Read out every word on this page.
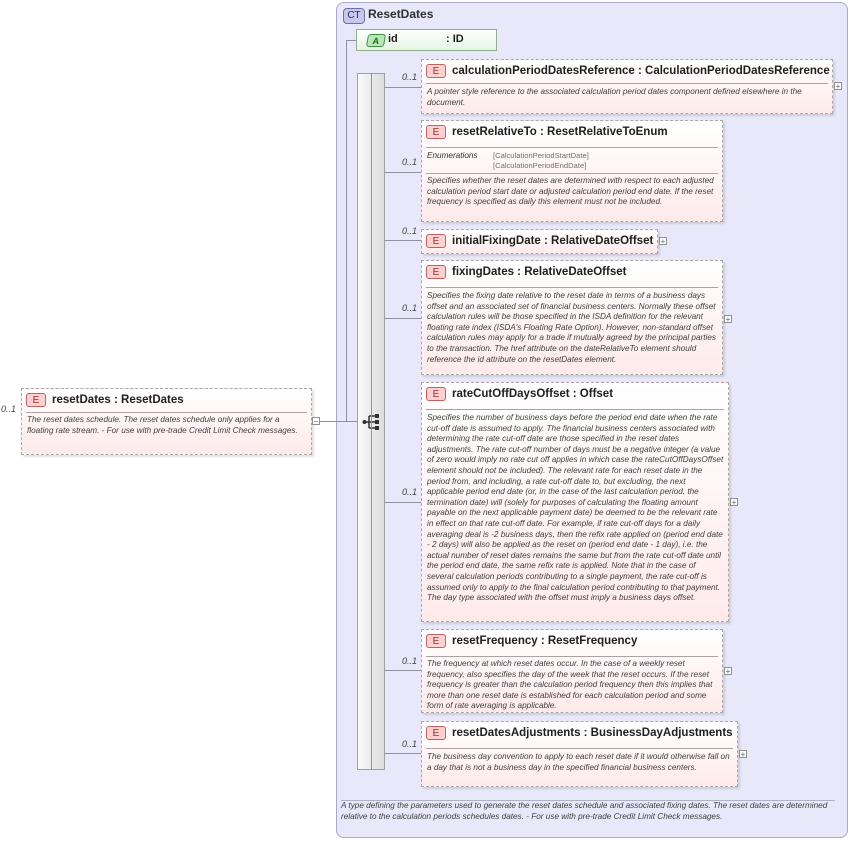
CT ResetDates
A id	: ID
0..1
E	resetDates : ResetDates
The reset dates schedule. The reset dates schedule only applies for a floating rate stream. - For use with pre-trade Credit Limit Check messages.
−
0..1
0..1
0..1
0..1
0..1
0..1
0..1
E	calculationPeriodDatesReference : CalculationPeriodDatesReference
A pointer style reference to the associated calculation period dates component defined elsewhere in the document.
+
E	resetRelativeTo : ResetRelativeToEnum
Enumerations [CalculationPeriodStartDate]
[CalculationPeriodEndDate]
Specifies whether the reset dates are determined with respect to each adjusted calculation period start date or adjusted calculation period end date. If the reset frequency is specified as daily this element must not be included.
E	initialFixingDate : RelativeDateOffset +
E	fixingDates : RelativeDateOffset
Specifies the fixing date relative to the reset date in terms of a business days offset and an associated set of financial business centers. Normally these offset calculation rules will be those specified in the ISDA definition for the relevant floating rate index (ISDA's Floating Rate Option). However, non-standard offset calculation rules may apply for a trade if mutually agreed by the principal parties to the transaction. The href attribute on the dateRelativeTo element should reference the id attribute on the resetDates element.
+
E	rateCutOffDaysOffset : Offset
Specifies the number of business days before the period end date when the rate cut-off date is assumed to apply. The financial business centers associated with determining the rate cut-off date are those specified in the reset dates adjustments. The rate cut-off number of days must be a negative integer (a value of zero would imply no rate cut off applies in which case the rateCutOffDaysOffset element should not be included). The relevant rate for each reset date in the period from, and including, a rate cut-off date to, but excluding, the next applicable period end date (or, in the case of the last calculation period, the termination date) will (solely for purposes of calculating the floating amount payable on the next applicable payment date) be deemed to be the relevant rate in effect on that rate cut-off date. For example, if rate cut-off days for a daily averaging deal is -2 business days, then the refix rate applied on (period end date - 2 days) will also be applied as the reset on (period end date - 1 day), i.e. the actual number of reset dates remains the same but from the rate cut-off date until the period end date, the same refix rate is applied. Note that in the case of several calculation periods contributing to a single payment, the rate cut-off is assumed only to apply to the final calculation period contributing to that payment. The day type associated with the offset must imply a business days offset.
+
E	resetFrequency : ResetFrequency
The frequency at which reset dates occur. In the case of a weekly reset frequency, also specifies the day of the week that the reset occurs. If the reset frequency is greater than the calculation period frequency then this implies that more than one reset date is established for each calculation period and some form of rate averaging is applicable.
+
E	resetDatesAdjustments : BusinessDayAdjustments
The business day convention to apply to each reset date if it would otherwise fall on a day that is not a business day in the specified financial business centers.
+
A type defining the parameters used to generate the reset dates schedule and associated fixing dates. The reset dates are determined relative to the calculation periods schedules dates. - For use with pre-trade Credit Limit Check messages.
